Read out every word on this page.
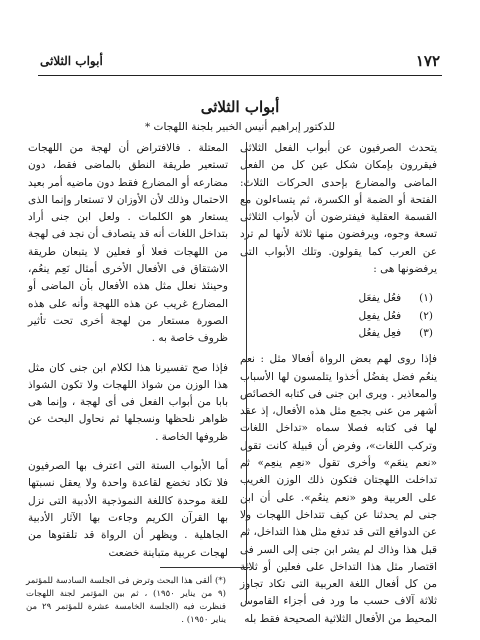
١٧٢
أبواب الثلاثى
أبواب الثلاثى
للدكتور إبراهيم أنيس الخبير بلجنة اللهجات *

يتحدث الصرفيون عن أبواب الفعل الثلاثى فيقررون بإمكان شكل عين كل من الفعل الماضى والمضارع بإحدى الحركات الثلاث: الفتحة أو الضمة أو الكسرة، ثم يتساءلون مع القسمة العقلية فيفترضون أن لأبواب الثلاثى تسعة وجوه، ويرفضون منها ثلاثة لأنها لم ترد عن العرب كما يقولون. وتلك الأبواب التى يرفضونها هى :

(١)
فعُل يفعَل
(٢)
فعُل يفعِل
(٣)
فعِل يفعُل

فإذا روى لهم بعض الرواة أفعالا مثل : نعم ينعُم فضل يفضُل أخذوا يتلمسون لها الأسباب والمعاذير . ويرى ابن جنى فى كتابه الخصائص أشهر من عنى بجمع مثل هذه الأفعال، إذ عقد لها فى كتابه فصلا سماه «تداخل اللغات وتركب اللغات»، وفرض أن قبيلة كانت تقول «نعم ينعَم» وأخرى تقول «نعِم ينعِم» ثم تداخلت اللهجتان فتكون ذلك الوزن الغريب على العربية وهو «نعم ينعُم». على أن ابن جنى لم يحدثنا عن كيف تتداخل اللهجات ولا عن الدوافع التى قد تدفع مثل هذا التداخل، ثم قبل هذا وذاك لم يشر ابن جنى إلى السر فى اقتصار مثل هذا التداخل على فعلين أو ثلاثة من كل أفعال اللغة العربية التى تكاد تجاوز ثلاثة آلاف حسب ما ورد فى أجزاء القاموس المحيط من الأفعال الثلاثية الصحيحة فقط بله

المعتلة . فالافتراض أن لهجة من اللهجات تستعير طريقة النطق بالماضى فقط، دون مضارعه أو المضارع فقط دون ماضيه أمر بعيد الاحتمال وذلك لأن الأوزان لا تستعار وإنما الذى يستعار هو الكلمات . ولعل ابن جنى أراد بتداخل اللغات أنه قد يتصادف أن نجد فى لهجة من اللهجات فعلا أو فعلين لا يتبعان طريقة الاشتقاق فى الأفعال الأخرى أمثال نَعِم ينعُم، وحينئذ نعلل مثل هذه الأفعال بأن الماضى أو المضارع غريب عن هذه اللهجة وأنه على هذه الصورة مستعار من لهجة أخرى تحت تأثير ظروف خاصة به .

فإذا صح تفسيرنا هذا لكلام ابن جنى كان مثل هذا الوزن من شواذ اللهجات ولا تكون الشواذ بابا من أبواب الفعل فى أى لهجة ، وإنما هى ظواهر نلحظها ونسجلها ثم نحاول البحث عن ظروفها الخاصة .

أما الأبواب الستة التى اعترف بها الصرفيون فلا تكاد تخضع لقاعدة واحدة ولا يعقل نسبتها للغة موحدة كاللغة النموذجية الأدبية التى نزل بها القرآن الكريم وجاءت بها الآثار الأدبية الجاهلية . ويظهر أن الرواة قد تلقتوها من لهجات عربية متباينة خضعت

(*) ألقى هذا البحث وترض فى الجلسة السادسة للمؤتمر (٩ من يناير ١٩٥٠) ، ثم بين المؤتمر لجنة اللهجات فنظرت فيه (الجلسة الخامسة عشرة للمؤتمر ٢٩ من يناير ١٩٥٠) .
